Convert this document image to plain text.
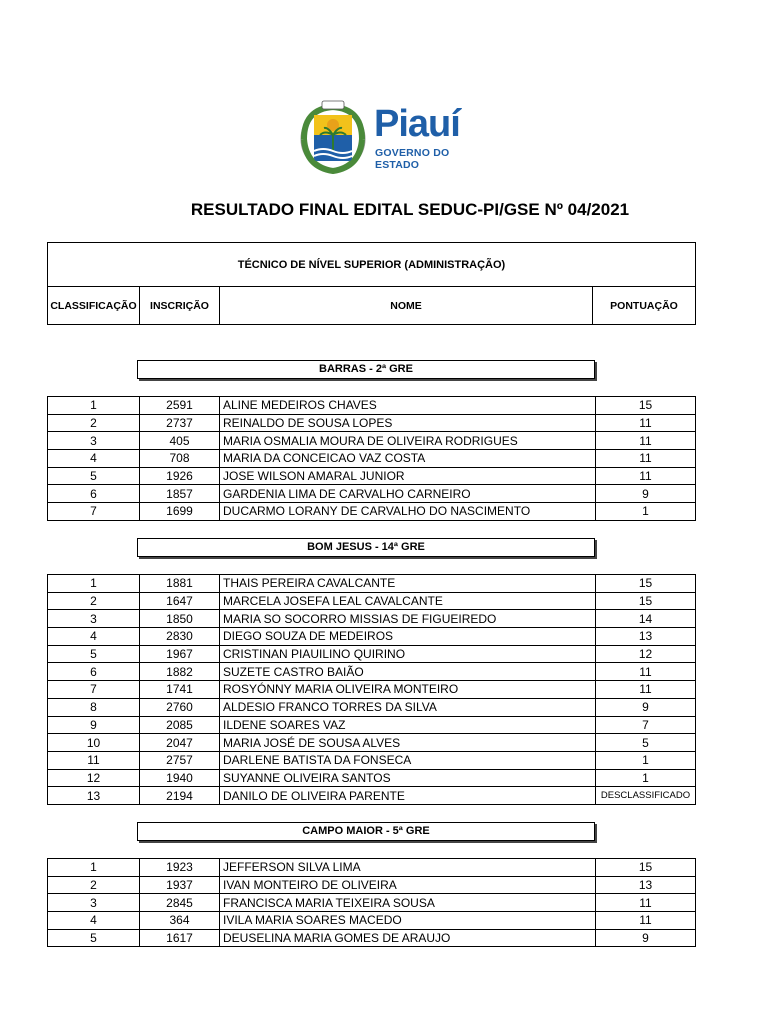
Piauí
GOVERNO DO ESTADO
RESULTADO FINAL EDITAL SEDUC-PI/GSE Nº 04/2021
TÉCNICO DE NÍVEL SUPERIOR (ADMINISTRAÇÃO)
CLASSIFICAÇÃO	INSCRIÇÃO	NOME	PONTUAÇÃO
BARRAS - 2ª GRE
1	2591	ALINE MEDEIROS CHAVES	15
2	2737	REINALDO DE SOUSA LOPES	11
3	405	MARIA OSMALIA MOURA DE OLIVEIRA RODRIGUES	11
4	708	MARIA DA CONCEICAO VAZ COSTA	11
5	1926	JOSE WILSON AMARAL JUNIOR	11
6	1857	GARDENIA LIMA DE CARVALHO CARNEIRO	9
7	1699	DUCARMO LORANY DE CARVALHO DO NASCIMENTO	1
BOM JESUS - 14ª GRE
1	1881	THAIS PEREIRA CAVALCANTE	15
2	1647	MARCELA JOSEFA LEAL CAVALCANTE	15
3	1850	MARIA SO SOCORRO MISSIAS DE FIGUEIREDO	14
4	2830	DIEGO SOUZA DE MEDEIROS	13
5	1967	CRISTINAN PIAUILINO QUIRINO	12
6	1882	SUZETE CASTRO BAIÃO	11
7	1741	ROSYÓNNY MARIA OLIVEIRA MONTEIRO	11
8	2760	ALDESIO FRANCO TORRES DA SILVA	9
9	2085	ILDENE SOARES VAZ	7
10	2047	MARIA JOSÉ DE SOUSA ALVES	5
11	2757	DARLENE BATISTA DA FONSECA	1
12	1940	SUYANNE OLIVEIRA SANTOS	1
13	2194	DANILO DE OLIVEIRA PARENTE	DESCLASSIFICADO
CAMPO MAIOR - 5ª GRE
1	1923	JEFFERSON SILVA LIMA	15
2	1937	IVAN MONTEIRO DE OLIVEIRA	13
3	2845	FRANCISCA MARIA TEIXEIRA SOUSA	11
4	364	IVILA MARIA SOARES MACEDO	11
5	1617	DEUSELINA MARIA GOMES DE ARAUJO	9
